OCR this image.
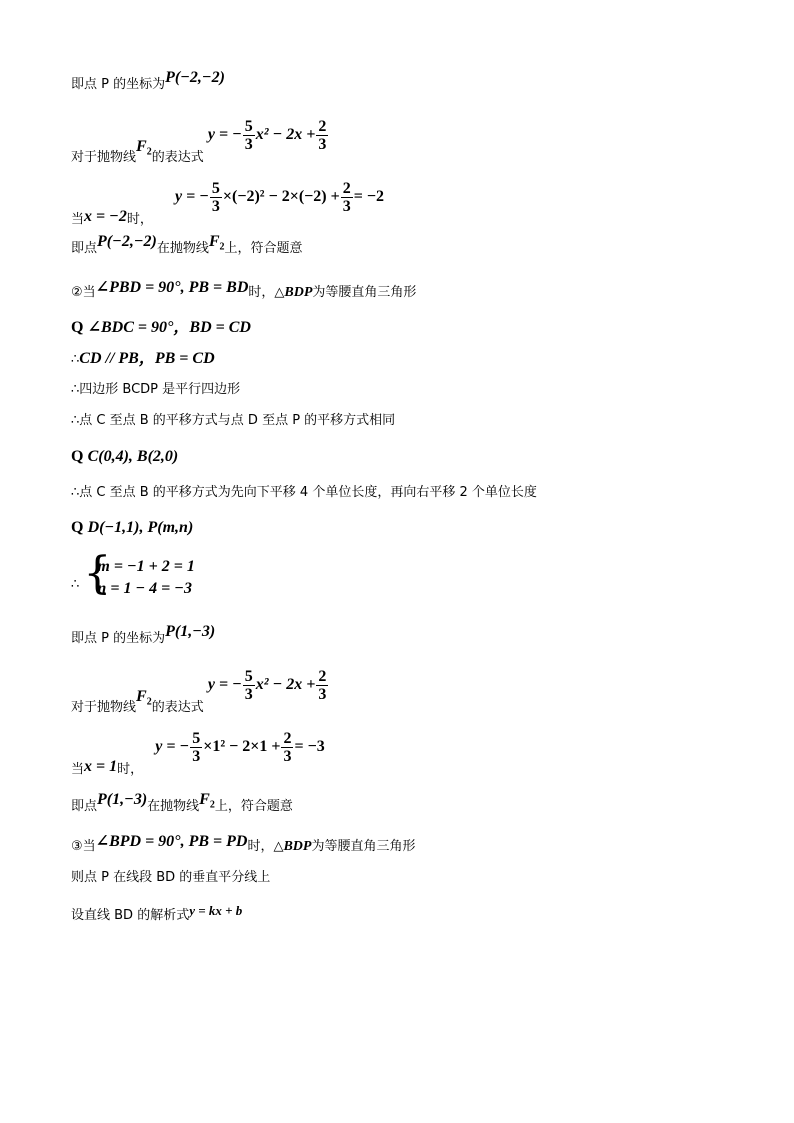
即点 P 的坐标为P(−2,−2)
对于抛物线$F_2$的表达式 y = − $\frac{5}{3} x^2 - 2x + \frac{2}{3}$
当x = −2时， y = − $\frac{5}{3} \times(-2)^2 - 2\times(-2) + \frac{2}{3} = -2$
即点P(−2,−2)在抛物线$F_2$上，符合题意
②当∠PBD = 90°, PB = BD时，△BDP为等腰直角三角形
Q ∠BDC = 90°，BD = CD
∴CD // PB，PB = CD
∴四边形 BCDP 是平行四边形
∴点 C 至点 B 的平移方式与点 D 至点 P 的平移方式相同
Q C(0,4), B(2,0)
∴点 C 至点 B 的平移方式为先向下平移 4 个单位长度，再向右平移 2 个单位长度
Q D(−1,1), P(m,n)
∴ {
m = −1 + 2 = 1
n = 1 − 4 = −3
即点 P 的坐标为P(1,−3)
对于抛物线$F_2$的表达式 y = − $\frac{5}{3} x^2 - 2x + \frac{2}{3}$
当x = 1时， y = − $\frac{5}{3} \times 1^2 - 2\times 1 + \frac{2}{3} = -3$
即点P(1,−3)在抛物线$F_2$上，符合题意
③当∠BPD = 90°, PB = PD时，△BDP为等腰直角三角形
则点 P 在线段 BD 的垂直平分线上
设直线 BD 的解析式y = kx + b
